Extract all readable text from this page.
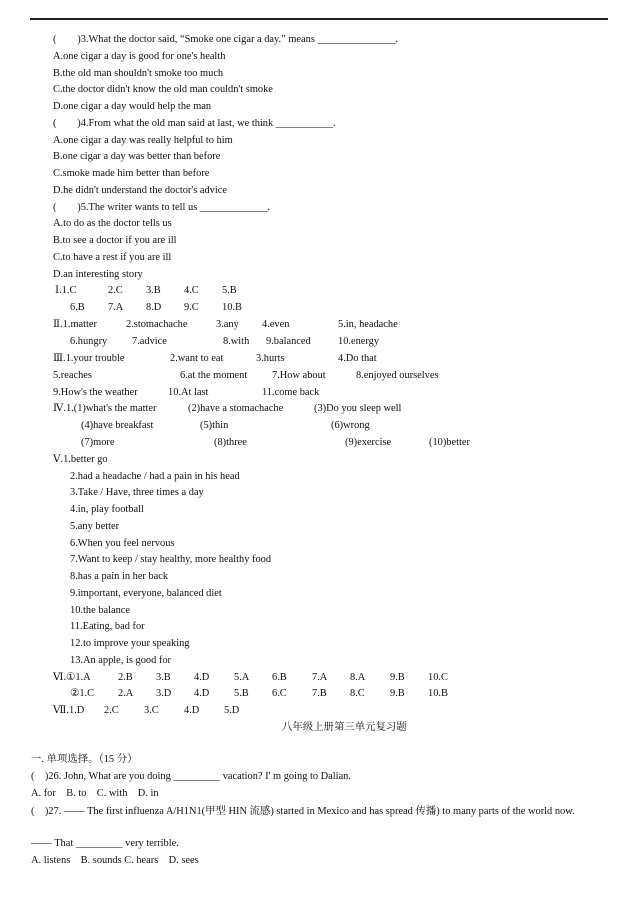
(　　)3.What the doctor said, “Smoke one cigar a day.” means _______________.
A.one cigar a day is good for one's health
B.the old man shouldn't smoke too much
C.the doctor didn't know the old man couldn't smoke
D.one cigar a day would help the man
(　　)4.From what the old man said at last, we think ___________.
A.one cigar a day was really helpful to him
B.one cigar a day was better than before
C.smoke made him better than before
D.he didn't understand the doctor's advice
(　　)5.The writer wants to tell us _____________.
A.to do as the doctor tells us
B.to see a doctor if you are ill
C.to have a rest if you are ill
D.an interesting story
Ⅰ.1.C	2.C 3.B 4.C 5.B
6.B 7.A 8.D 9.C 10.B
Ⅱ.1.matter	2.stomachache	3.any 4.even	5.in, headache
6.hungry 7.advice	8.with 9.balanced	10.energy
Ⅲ.1.your trouble	2.want to eat	3.hurts	4.Do that
5.reaches	6.at the moment 7.How about	8.enjoyed ourselves
9.How's the weather	10.At last	11.come back
Ⅳ.1.(1)what's the matter	(2)have a stomachache	(3)Do you sleep well
(4)have breakfast	(5)thin	(6)wrong
(7)more	(8)three	(9)exercise	(10)better
Ⅴ.1.better go
2.had a headache / had a pain in his head
3.Take / Have, three times a day
4.in, play football
5.any better
6.When you feel nervous
7.Want to keep / stay healthy, more healthy food
8.has a pain in her back
9.important, everyone, balanced diet
10.the balance
11.Eating, bad for
12.to improve your speaking
13.An apple, is good for
Ⅵ.①1.A	2.B 3.B 4.D 5.A 6.B 7.A 8.A 9.B 10.C
②1.C 2.A 3.D 4.D 5.B 6.C 7.B 8.C 9.B 10.B
Ⅶ.1.D 2.C 3.C 4.D 5.D
八年级上册第三单元复习题
一. 单项选择。（15 分）
(　)26. John, What are you doing _________ vacation? I' m going to Dalian.
A. for　B. to　C. with　D. in
(　)27. —— The first influenza A/H1N1(甲型 HIN 流感) started in Mexico and has spread 传播) to many parts of the world now.
—— That _________ very terrible.
A. listens　B. sounds C. hears　D. sees
